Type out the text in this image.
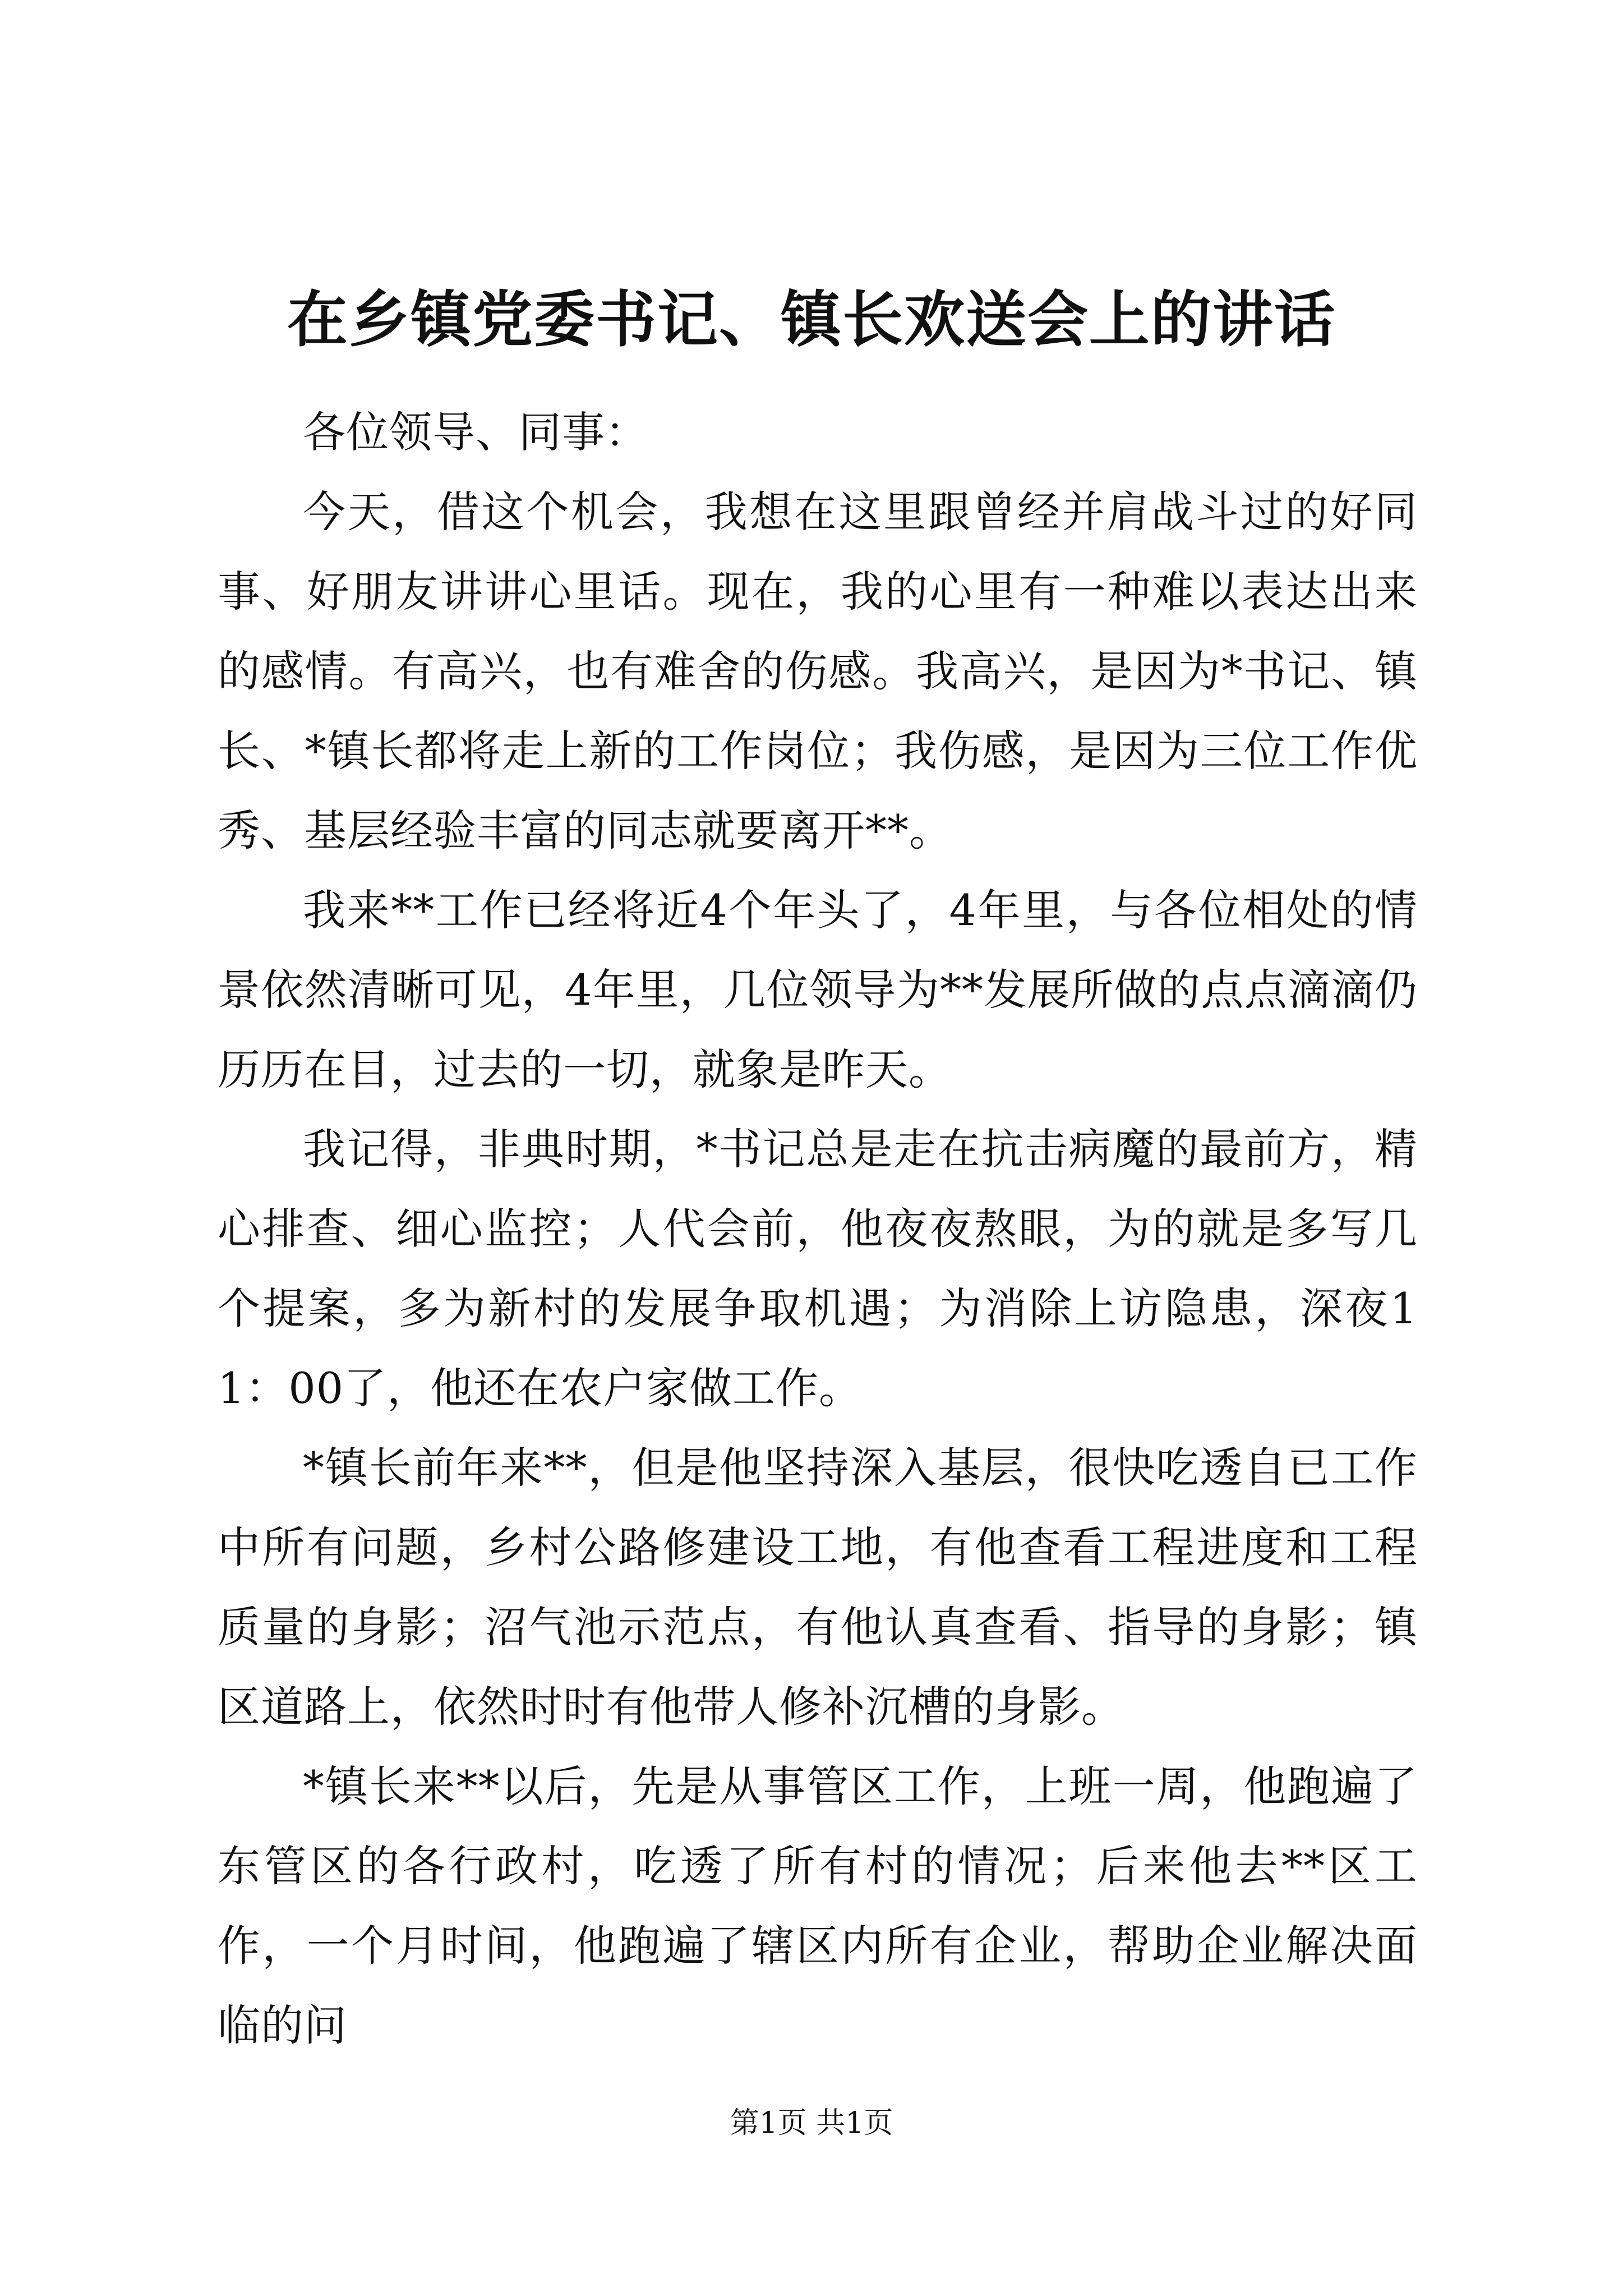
在乡镇党委书记、镇长欢送会上的讲话

各位领导、同事：

今天，借这个机会，我想在这里跟曾经并肩战斗过的好同事、好朋友讲讲心里话。现在，我的心里有一种难以表达出来的感情。有高兴，也有难舍的伤感。我高兴，是因为*书记、镇长、*镇长都将走上新的工作岗位；我伤感，是因为三位工作优秀、基层经验丰富的同志就要离开**。

我来**工作已经将近4个年头了，4年里，与各位相处的情景依然清晰可见，4年里，几位领导为**发展所做的点点滴滴仍历历在目，过去的一切，就象是昨天。

我记得，非典时期，*书记总是走在抗击病魔的最前方，精心排查、细心监控；人代会前，他夜夜熬眼，为的就是多写几个提案，多为新村的发展争取机遇；为消除上访隐患，深夜11：00了，他还在农户家做工作。

*镇长前年来**，但是他坚持深入基层，很快吃透自已工作中所有问题，乡村公路修建设工地，有他查看工程进度和工程质量的身影；沼气池示范点，有他认真查看、指导的身影；镇区道路上，依然时时有他带人修补沉槽的身影。

*镇长来**以后，先是从事管区工作，上班一周，他跑遍了东管区的各行政村，吃透了所有村的情况；后来他去**区工作，一个月时间，他跑遍了辖区内所有企业，帮助企业解决面临的问

第1页 共1页
